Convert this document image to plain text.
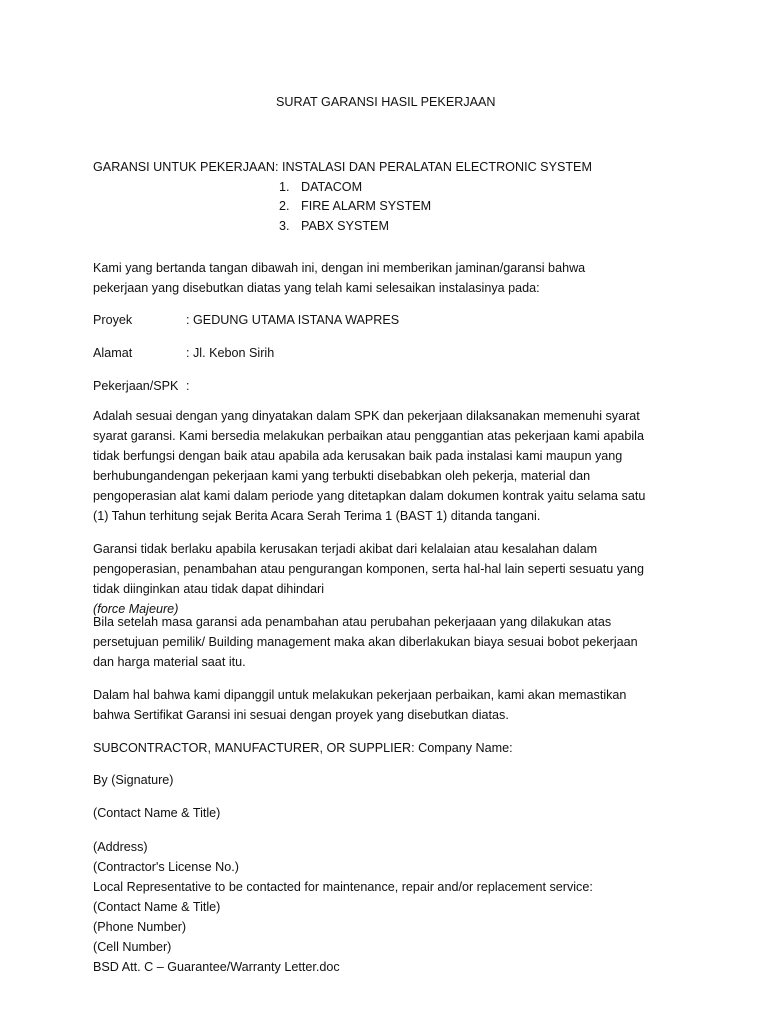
SURAT GARANSI HASIL PEKERJAAN
GARANSI UNTUK PEKERJAAN: INSTALASI DAN PERALATAN ELECTRONIC SYSTEM
1. DATACOM
2. FIRE ALARM SYSTEM
3. PABX SYSTEM
Kami yang bertanda tangan dibawah ini, dengan ini memberikan jaminan/garansi bahwa
pekerjaan yang disebutkan diatas yang telah kami selesaikan instalasinya pada:
Proyek	: GEDUNG UTAMA ISTANA WAPRES
Alamat	: Jl. Kebon Sirih
Pekerjaan/SPK :
Adalah sesuai dengan yang dinyatakan dalam SPK dan pekerjaan dilaksanakan memenuhi syarat
syarat garansi. Kami bersedia melakukan perbaikan atau penggantian atas pekerjaan kami apabila
tidak berfungsi dengan baik atau apabila ada kerusakan baik pada instalasi kami maupun yang
berhubungandengan pekerjaan kami yang terbukti disebabkan oleh pekerja, material dan
pengoperasian alat kami dalam periode yang ditetapkan dalam dokumen kontrak yaitu selama satu
(1) Tahun terhitung sejak Berita Acara Serah Terima 1 (BAST 1) ditanda tangani.
Garansi tidak berlaku apabila kerusakan terjadi akibat dari kelalaian atau kesalahan dalam
pengoperasian, penambahan atau pengurangan komponen, serta hal-hal lain seperti sesuatu yang
tidak diinginkan atau tidak dapat dihindari
(force Majeure)
Bila setelah masa garansi ada penambahan atau perubahan pekerjaaan yang dilakukan atas
persetujuan pemilik/ Building management maka akan diberlakukan biaya sesuai bobot pekerjaan
dan harga material saat itu.
Dalam hal bahwa kami dipanggil untuk melakukan pekerjaan perbaikan, kami akan memastikan
bahwa Sertifikat Garansi ini sesuai dengan proyek yang disebutkan diatas.
SUBCONTRACTOR, MANUFACTURER, OR SUPPLIER: Company Name:
By (Signature)
(Contact Name & Title)
(Address)
(Contractor's License No.)
Local Representative to be contacted for maintenance, repair and/or replacement service:
(Contact Name & Title)
(Phone Number)
(Cell Number)
BSD Att. C – Guarantee/Warranty Letter.doc
